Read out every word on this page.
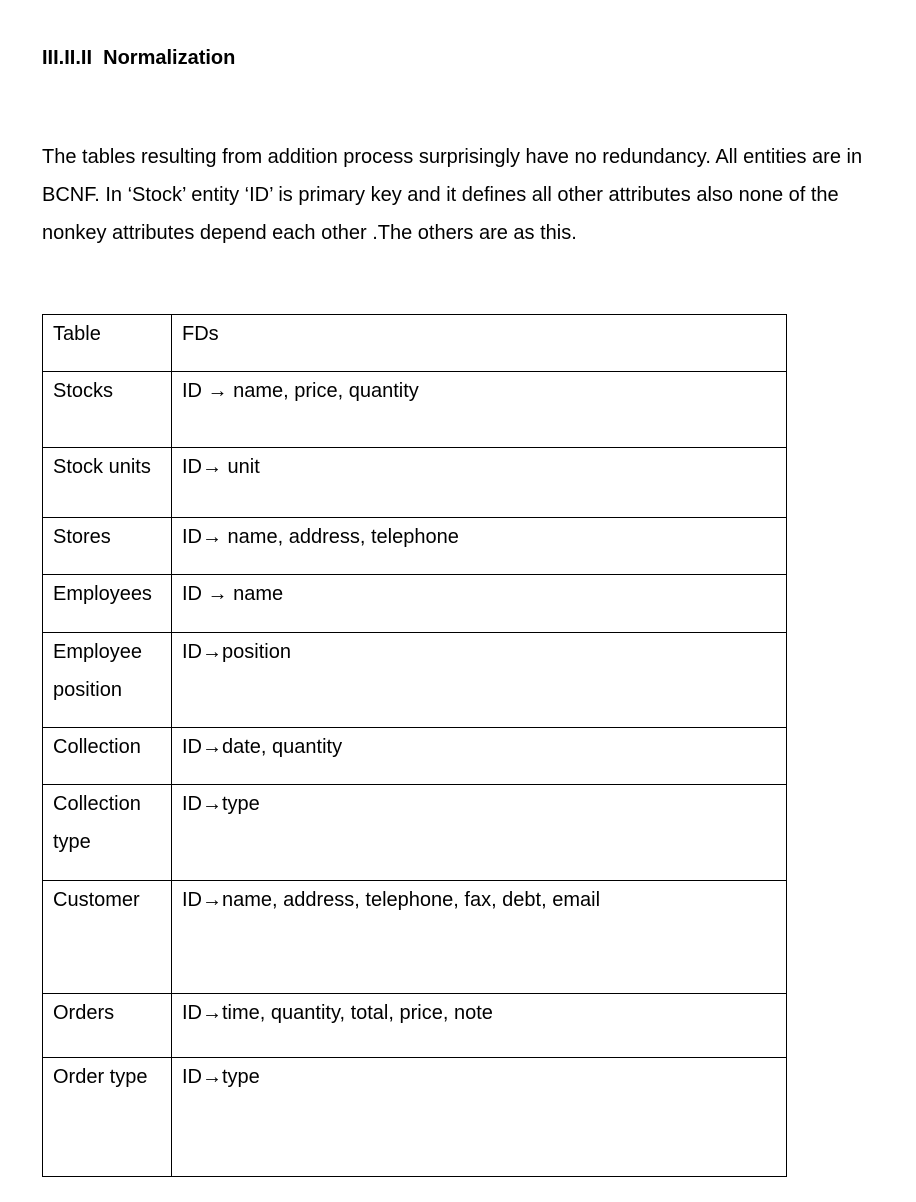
III.II.II  Normalization

The tables resulting from addition process surprisingly have no redundancy. All entities are in BCNF. In ‘Stock’ entity ‘ID’ is primary key and it defines all other attributes also none of the nonkey attributes depend each other .The others are as this.

Table	FDs
Stocks	ID → name, price, quantity
Stock units	ID→ unit
Stores	ID→ name, address, telephone
Employees	ID → name
Employee position	ID→position
Collection	ID→date, quantity
Collection type	ID→type
Customer	ID→name, address, telephone, fax, debt, email
Orders	ID→time, quantity, total, price, note
Order type	ID→type
